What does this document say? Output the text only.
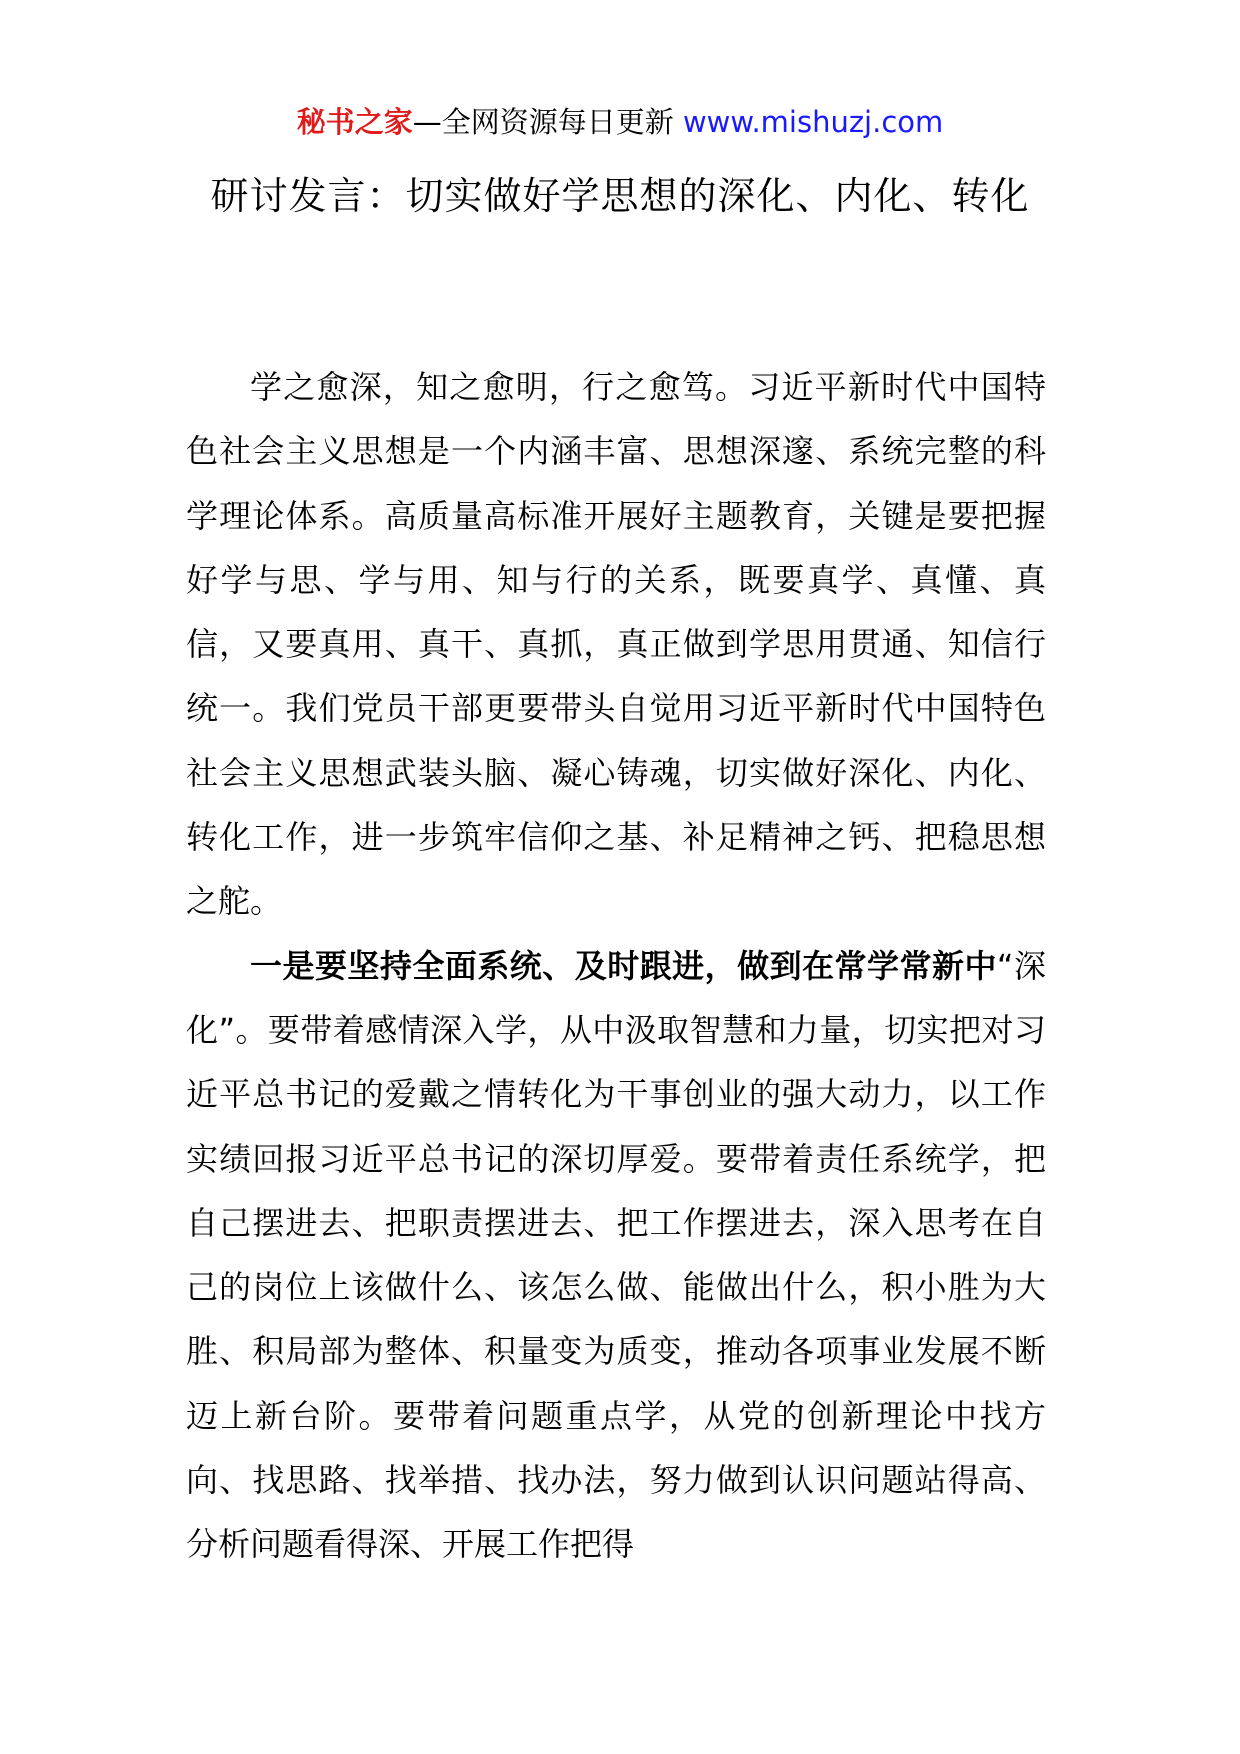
秘书之家—全网资源每日更新 www.mishuzj.com
研讨发言：切实做好学思想的深化、内化、转化

学之愈深，知之愈明，行之愈笃。习近平新时代中国特色社会主义思想是一个内涵丰富、思想深邃、系统完整的科学理论体系。高质量高标准开展好主题教育，关键是要把握好学与思、学与用、知与行的关系，既要真学、真懂、真信，又要真用、真干、真抓，真正做到学思用贯通、知信行统一。我们党员干部更要带头自觉用习近平新时代中国特色社会主义思想武装头脑、凝心铸魂，切实做好深化、内化、转化工作，进一步筑牢信仰之基、补足精神之钙、把稳思想之舵。

一是要坚持全面系统、及时跟进，做到在常学常新中“深化”。要带着感情深入学，从中汲取智慧和力量，切实把对习近平总书记的爱戴之情转化为干事创业的强大动力，以工作实绩回报习近平总书记的深切厚爱。要带着责任系统学，把自己摆进去、把职责摆进去、把工作摆进去，深入思考在自己的岗位上该做什么、该怎么做、能做出什么，积小胜为大胜、积局部为整体、积量变为质变，推动各项事业发展不断迈上新台阶。要带着问题重点学，从党的创新理论中找方向、找思路、找举措、找办法，努力做到认识问题站得高、分析问题看得深、开展工作把得
